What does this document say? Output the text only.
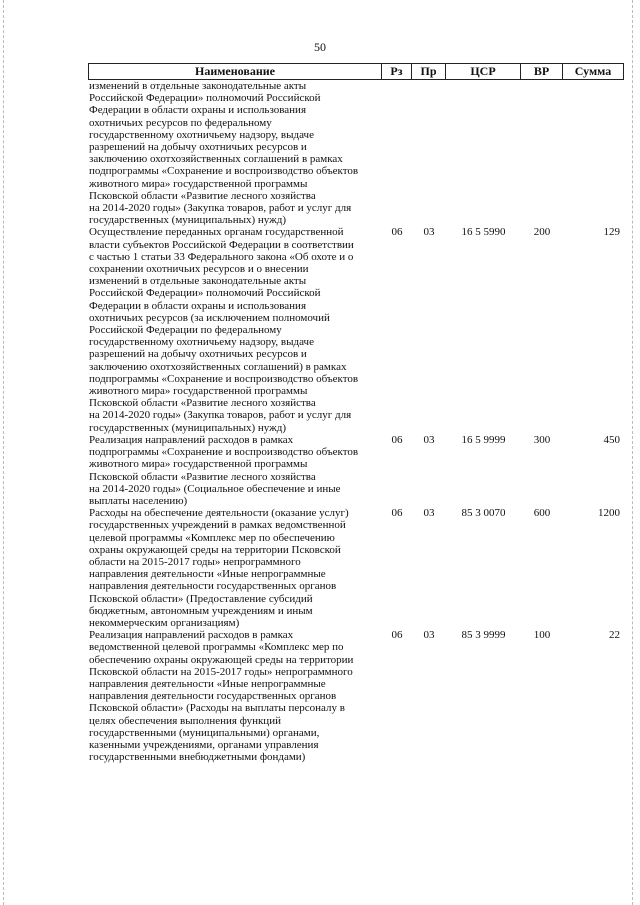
50
Наименование	Рз	Пр	ЦСР	ВР	Сумма
изменений в отдельные законодательные акты
Российской Федерации» полномочий Российской
Федерации в области охраны и использования
охотничьих ресурсов по федеральному
государственному охотничьему надзору, выдаче
разрешений на добычу охотничьих ресурсов и
заключению охотхозяйственных соглашений в рамках
подпрограммы «Сохранение и воспроизводство объектов
животного мира» государственной программы
Псковской области «Развитие лесного хозяйства
на 2014-2020 годы» (Закупка товаров, работ и услуг для
государственных (муниципальных) нужд)
Осуществление переданных органам государственной
власти субъектов Российской Федерации в соответствии
с частью 1 статьи 33 Федерального закона «Об охоте и о
сохранении охотничьих ресурсов и о внесении
изменений в отдельные законодательные акты
Российской Федерации» полномочий Российской
Федерации в области охраны и использования
охотничьих ресурсов (за исключением полномочий
Российской Федерации по федеральному
государственному охотничьему надзору, выдаче
разрешений на добычу охотничьих ресурсов и
заключению охотхозяйственных соглашений) в рамках
подпрограммы «Сохранение и воспроизводство объектов
животного мира» государственной программы
Псковской области «Развитие лесного хозяйства
на 2014-2020 годы» (Закупка товаров, работ и услуг для
государственных (муниципальных) нужд)
06	03	16 5 5990	200	129
Реализация направлений расходов в рамках
подпрограммы «Сохранение и воспроизводство объектов
животного мира» государственной программы
Псковской области «Развитие лесного хозяйства
на 2014-2020 годы» (Социальное обеспечение и иные
выплаты населению)
06	03	16 5 9999	300	450
Расходы на обеспечение деятельности (оказание услуг)
государственных учреждений в рамках ведомственной
целевой программы «Комплекс мер по обеспечению
охраны окружающей среды на территории Псковской
области на 2015-2017 годы» непрограммного
направления деятельности «Иные непрограммные
направления деятельности государственных органов
Псковской области» (Предоставление субсидий
бюджетным, автономным учреждениям и иным
некоммерческим организациям)
06	03	85 3 0070	600	1200
Реализация направлений расходов в рамках
ведомственной целевой программы «Комплекс мер по
обеспечению охраны окружающей среды на территории
Псковской области на 2015-2017 годы» непрограммного
направления деятельности «Иные непрограммные
направления деятельности государственных органов
Псковской области» (Расходы на выплаты персоналу в
целях обеспечения выполнения функций
государственными (муниципальными) органами,
казенными учреждениями, органами управления
государственными внебюджетными фондами)
06	03	85 3 9999	100	22
